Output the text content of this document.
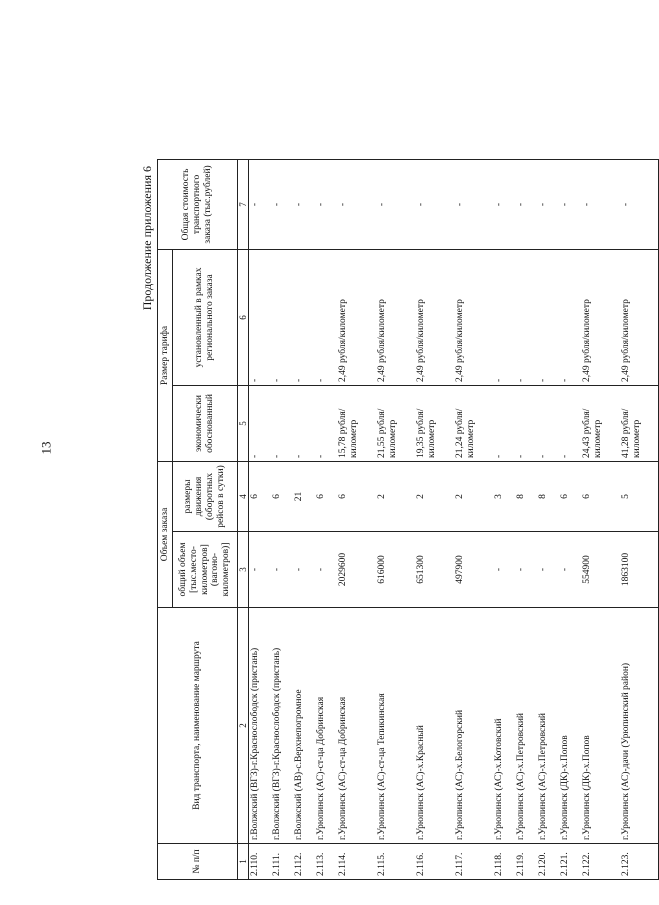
13
Продолжение приложения 6
№ п/п	Вид транспорта, наименование маршрута	Объем заказа		Размер тарифа		Общая стоимость транспортного заказа (тыс.рублей)
		общий объем [тыс.место-километров] (вагоно-километров)]	размеры движения (оборотных рейсов в сутки)	экономически обоснованный	установленный в рамках регионального заказа	
1	2	3	4	5	6	7
2.110.	г.Волжский (ВГЗ)-г.Краснослободск (пристань)	-	6	-	-	-
2.111.	г.Волжский (ВГЗ)-г.Краснослободск (пристань)	-	6	-	-	-
2.112.	г.Волжский (АВ)-с.Верхнепогромное	-	21	-	-	-
2.113.	г.Урюпинск (АС)-ст-ца Добринская	-	6	-	-	-
2.114.	г.Урюпинск (АС)-ст-ца Добринская	2029600	6	15,78 рубля/ километр	2,49 рубля/километр	-
2.115.	г.Урюпинск (АС)-ст-ца Тепикинская	616000	2	21,55 рубля/ километр	2,49 рубля/километр	-
2.116.	г.Урюпинск (АС)-х.Красный	651300	2	19,35 рубля/ километр	2,49 рубля/километр	-
2.117.	г.Урюпинск (АС)-х.Белогорский	497900	2	21,24 рубля/ километр	2,49 рубля/километр	-
2.118.	г.Урюпинск (АС)-х.Котовский	-	3	-	-	-
2.119.	г.Урюпинск (АС)-х.Петровский	-	8	-	-	-
2.120.	г.Урюпинск (АС)-х.Петровский	-	8	-	-	-
2.121.	г.Урюпинск (ДК)-х.Попов	-	6	-	-	-
2.122.	г.Урюпинск (ДК)-х.Попов	554900	6	24,43 рубля/ километр	2,49 рубля/километр	-
2.123.	г.Урюпинск (АС)-дачи (Урюпинский район)	1863100	5	41,28 рубля/ километр	2,49 рубля/километр	-
